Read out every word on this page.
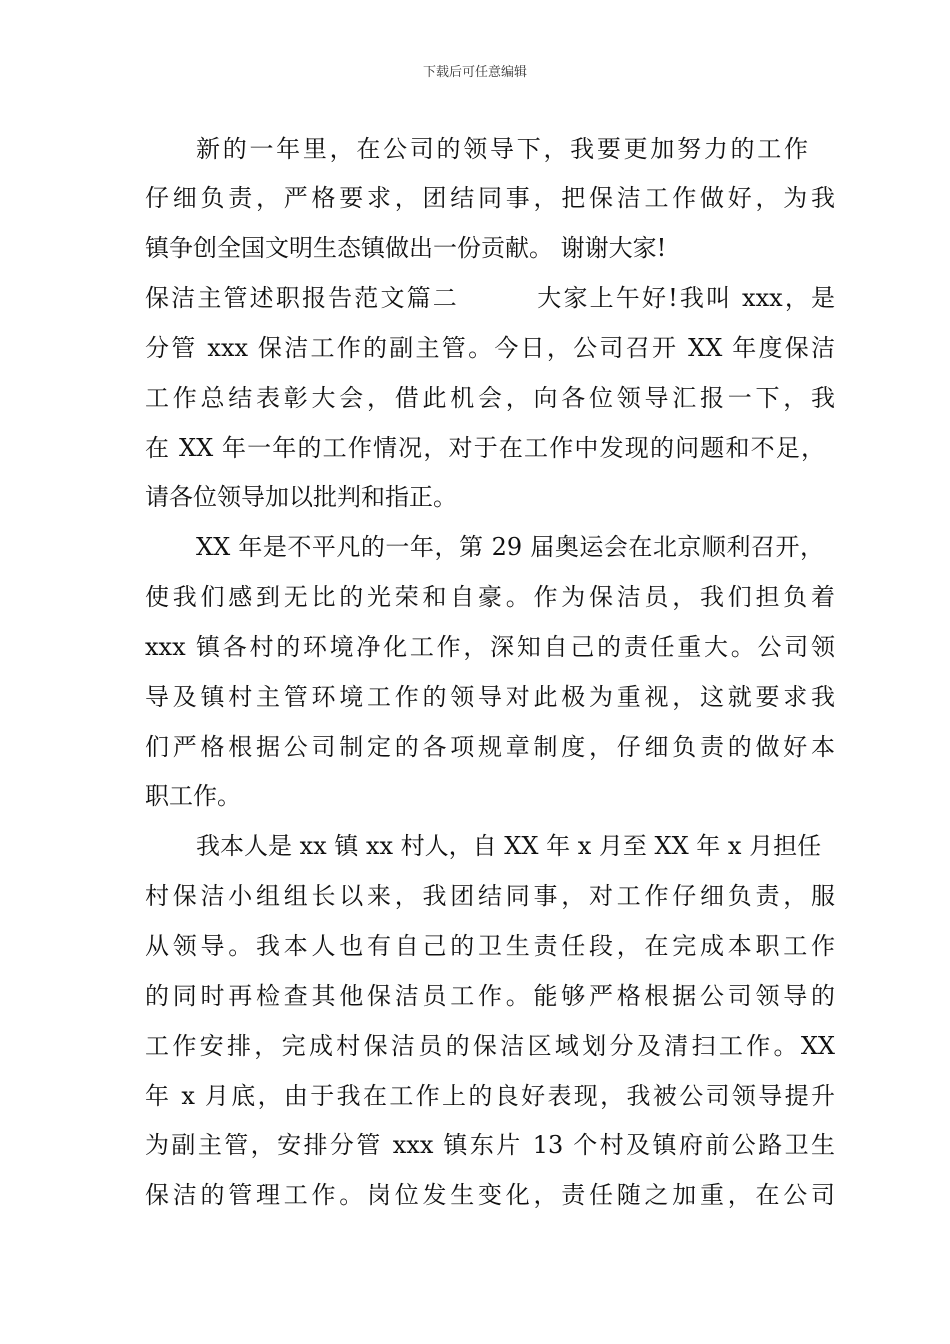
下载后可任意编辑
新的一年里，在公司的领导下，我要更加努力的工作
仔细负责，严格要求，团结同事，把保洁工作做好，为我
镇争创全国文明生态镇做出一份贡献。 谢谢大家!
保洁主管述职报告范文篇二        大家上午好!我叫 xxx，是
分管 xxx 保洁工作的副主管。今日，公司召开 XX 年度保洁
工作总结表彰大会，借此机会，向各位领导汇报一下，我
在 XX 年一年的工作情况，对于在工作中发现的问题和不足，
请各位领导加以批判和指正。
XX 年是不平凡的一年，第 29 届奥运会在北京顺利召开，
使我们感到无比的光荣和自豪。作为保洁员，我们担负着
xxx 镇各村的环境净化工作，深知自己的责任重大。公司领
导及镇村主管环境工作的领导对此极为重视，这就要求我
们严格根据公司制定的各项规章制度，仔细负责的做好本
职工作。
我本人是 xx 镇 xx 村人，自 XX 年 x 月至 XX 年 x 月担任
村保洁小组组长以来，我团结同事，对工作仔细负责，服
从领导。我本人也有自己的卫生责任段，在完成本职工作
的同时再检查其他保洁员工作。能够严格根据公司领导的
工作安排，完成村保洁员的保洁区域划分及清扫工作。XX
年 x 月底，由于我在工作上的良好表现，我被公司领导提升
为副主管，安排分管 xxx 镇东片 13 个村及镇府前公路卫生
保洁的管理工作。岗位发生变化，责任随之加重，在公司
